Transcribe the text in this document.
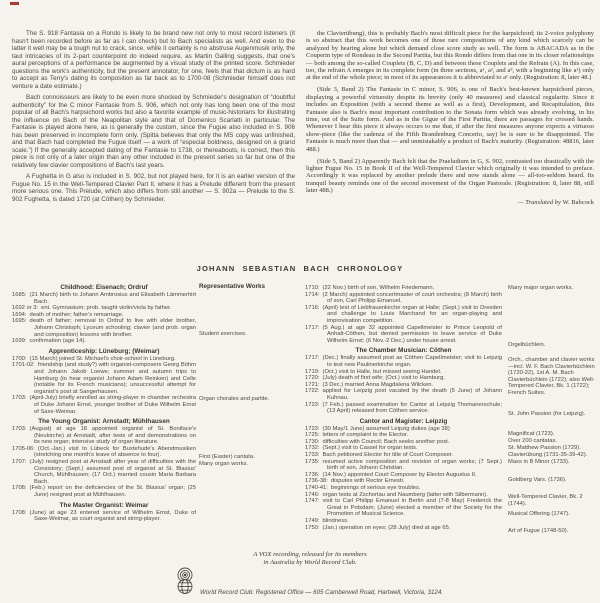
The S. 918 Fantasia on a Rondo is likely to be brand new not only to most record listeners (it hasn't been recorded before as far as I can check) but to Bach specialists as well. And even to the latter it well may be a tough nut to crack, since, while it certainly is no abstruse Augenmusik only, the taut intricacies of its 2-part counterpoint do indeed require, as Martin Galling suggests, that one's aural perceptions of a performance be augmented by a visual study of the printed score. Schmieder questions the work's authenticity, but the present annotator, for one, feels that that dictum is as hard to accept as Terry's dating its composition as far back as to 1700-08 (Schmieder himself does not venture a date estimate.)

Bach connoisseurs are likely to be even more shocked by Schmieder's designation of “doubtful authenticity” for the C minor Fantasie from S. 906, which not only has long been one of the most popular of all Bach's harpsichord works but also a favorite example of music-historians for illustrating the influence on Bach of the Neapolitan style and that of Domenico Scarlatti in particular. The Fantasie is played alone here, as is generally the custom, since the Fugue also included in S. 906 has been preserved in incomplete form only. (Spitta believes that only the MS copy was unfinished, and that Bach had completed the Fugue itself — a work of “especial boldness, designed on a grand scale.”) If the generally accepted dating of the Fantasie to 1738, or thereabouts, is correct, then this piece is not only of a later origin than any other included in the present series so far but one of the relatively few clavier compositions of Bach's last years.

A Fughetta in G also is included in S. 902, but not played here, for it is an earlier version of the Fugue No. 15 in the Well-Tempered Clavier Part II, where it has a Prelude different from the present more serious one. This Prelude, which also differs from still another — S. 902a — Prelude to the S. 902 Fughetta, is dated 1720 (at Cöthen) by Schmieder.

the Clavierübung), this is probably Bach's most difficult piece for the harpsichord; its 2-voice polyphony is so abstract that this work becomes one of those rare compositions of any kind which scarcely can be analyzed by hearing alone but which demand close score study as well. The form is ABACADA as in the Couperin type of Rondeau in the Second Partita, but this Rondo differs from that one in its closer relationships — both among the so-called Couplets (B, C, D) and between these Couplets and the Refrain (A). In this case, too, the refrain A emerges in its complete form (in three sections, a¹, a², and a³, with a beginning like a¹) only at the end of the whole piece; in most of its appearances it is abbreviated to a¹ only. (Registration: 8, later 48.)

(Side 3, Band 2) The Fantasie in C minor, S. 906, is one of Bach's best-known harpsichord pieces, displaying a powerful virtuosity despite its brevity (only 40 measures) and classical regularity. Since it includes an Exposition (with a second theme as well as a first), Development, and Recapitulation, this Fantasie also is Bach's most important contribution to the Sonata form which was already evolving, in his time, out of the Suite form. And as in the Gigue of the First Partita, there are passages for crossed hands. Whenever I hear this piece it always occurs to me that, if after the first measures anyone expects a virtuoso show-piece (like the cadenza of the Fifth Brandenburg Concerto, say) he is sure to be disappointed. The Fantasie is much more than that — and unmistakably a product of Bach's maturity. (Registration: 48816, later 488.)

(Side 5, Band 2) Apparently Bach felt that the Praeludium in G, S. 902, contrasted too drastically with the lighter Fugue No. 15 in Book II of the Well-Tempered Clavier which originally it was intended to preface. Accordingly it was replaced by another prelude there and now stands alone — all-too-seldom heard. Its tranquil beauty reminds one of the second movement of the Organ Pastorale. (Registration: 8, later 88, still later 488.)

— Translated by W. Babcock
JOHANN SEBASTIAN BACH CHRONOLOGY
Representative Works
Childhood: Eisenach; Ordruf
1685: (21 March) birth to Johann Ambrosius and Elisabeth Lämmerhirt Bach.
1692 or 3: ent. Gymnasium; prob. taught violin/viola by father.
1694: death of mother; father's remarriage.
1695: death of father; removal to Ordruf to live with elder brother, Johann Christoph; Lyceum schooling; clavier (and prob. organ and composition) lessons with brother.
1699: confirmation (age 14).
Apprenticeship: Lüneburg; (Weimar)
1700: (15 March) joined St. Michael's choir-school in Lüneburg.
1701-02: friendship (and study?) with organist-composers Georg Böhm and Johann Jakob Loewe; summer and autumn trips to Hamburg (to hear organist Johann Adam Reinken) and Celle (notable for its French musicians); unsuccessful attempt for organist's post at Sangerhausen.
1703: (April-July) briefly enrolled as string-player in chamber orchestra of Duke Johann Ernst, younger brother of Duke Wilhelm Ernst of Saxe-Weimar.
The Young Organist: Arnstadt; Mühlhausen
1703: (August) at age 18 appointed organist of St. Boniface's (Neukirche) at Arnstadt, after tests of and demonstrations on its new organ; intensive study of organ literature.
1705-06: (Oct.-Jan.) visit to Lübeck for Buxtehude's Abendmusiken (stretching one month's leave of absence to four).
1707: (July) resigned post at Arnstadt after year of difficulties with the Consistory; (Sept.) assumed post of organist at St. Blasius' Church, Mühlhausen; (17 Oct.) married cousin Maria Barbara Bach.
1708: (Feb.) report on the deficiencies of the St. Blasius' organ; (25 June) resigned post at Mühlhausen.
The Master Organist: Weimar
1708: (June) at age 23 entered service of Wilhelm Ernst, Duke of Saxe-Weimar, as court organist and string-player.
Student exercises.
Organ chorales and partite.
First (Easter) cantata.
Many organ works.
1710: (22 Nov.) birth of son, Wilhelm Friedemann.
1714: (2 March) appointed concertmaster of court orchestra; (8 March) birth of son, Carl Philipp Emanuel.
1716: (April) test of Liebfrauenkirche organ at Halle; (Sept.) visit to Dresden and challenge to Louis Marchand for an organ-playing and improvisation competition.
1717: (5 Aug.) at age 32 appointed Capellmeister to Prince Leopold of Anhalt-Cöthen, but denied permission to leave service of Duke Wilhelm Ernst; (6 Nov.-2 Dec.) under house arrest.
The Chamber Musician: Cöthen
1717: (Dec.) finally assumed post as Cöthen Capellmeister; visit to Leipzig to test new Paulinerkirche organ.
1719: (Oct.) visit to Halle, but missed seeing Handel.
1720: (July) death of first wife; (Oct.) visit to Hamburg.
1721: (3 Dec.) married Anna Magdalena Wilcken.
1722: applied for Leipzig post vacated by the death (5 June) of Johann Kuhnau.
1723: (7 Feb.) passed examination for Cantor at Leipzig Thomanerschule; (13 April) released from Cöthen service.
Cantor and Magister: Leipzig
1723: (30 May/1 June) assumed Leipzig duties (age 38)
1725: letters of complaint to the Elector.
1730: difficulties with Council; Bach seeks another post.
1732: (Sept.) visit to Cassel for organ tests.
1733: Bach petitioned Elector for title of Court Composer.
1735: resumed active composition and revision of organ works; (7 Sept.) birth of son, Johann Christian.
1736: (14 Nov.) appointed Court Composer by Elector Augustus II.
1736-38: disputes with Rector Ernesti.
1740-41: beginnings of serious eye troubles.
1746: organ tests at Zschortau and Naumberg (latter with Silbermann).
1747: visit to Carl Philipp Emanuel in Berlin and (7-8 May) Frederick the Great in Potsdam; (June) elected a member of the Society for the Promotion of Musical Science.
1749: blindness.
1750: (Jan.) operation on eyes; (28 July) died at age 65.
Many major organ works.
Orgelbüchlein.
Orch., chamber and clavier works —incl. W. F. Bach Clavierbüchlein (1720-22), 1st A. M. Bach Clavierbüchlein (1722); also Well-Tempered Clavier, Bk. 1 (1722); French Suites.
St. John Passion (for Leipzig).
Magnificat (1723).
Over 200 cantatas.
St. Matthew Passion (1729).
Clavierübung (1731-35-39-42).
Mass in B Minor (1733).
Goldberg Vars. (1736).
Well-Tempered Clavier, Bk. 2 (1744).
Musical Offering (1747).
Art of Fugue (1748-50).
A VOX recording, released for its members
in Australia by World Record Club.
World Record Club: Registered Office — 605 Camberwell Road, Hartwell, Victoria, 3124.
